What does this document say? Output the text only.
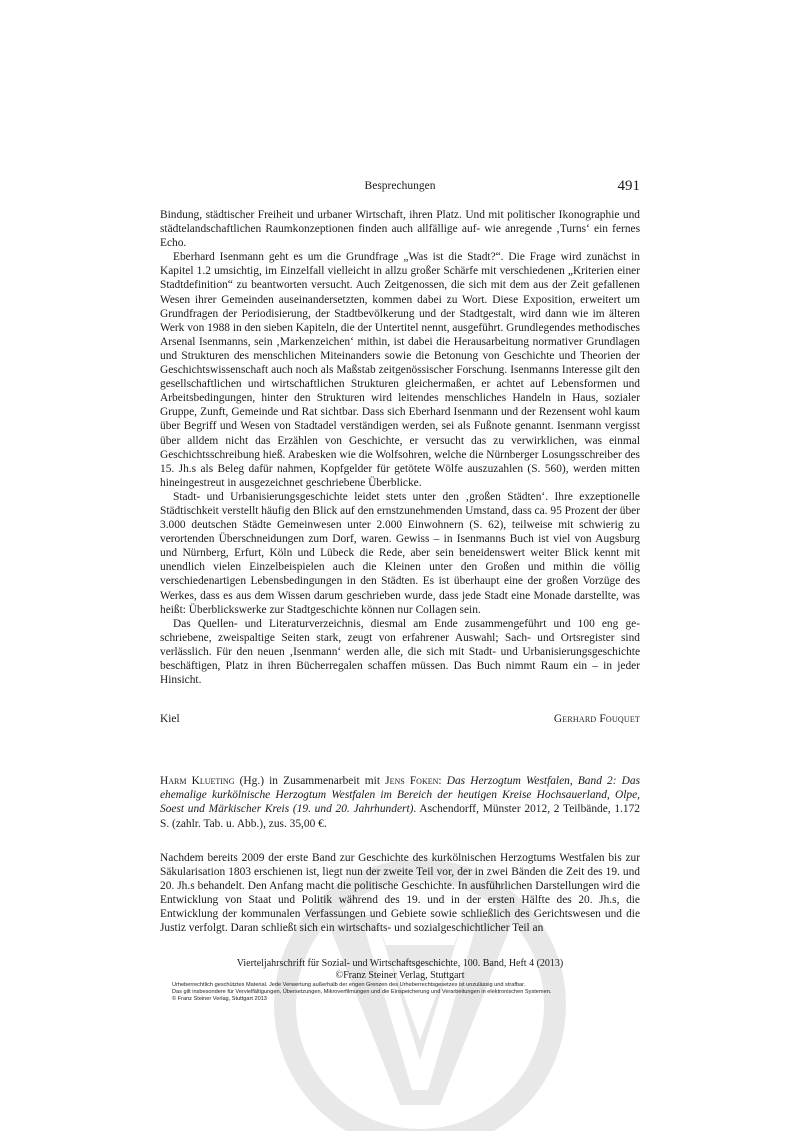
Besprechungen	491

Bindung, städtischer Freiheit und urbaner Wirtschaft, ihren Platz. Und mit politischer Ikonographie und städtelandschaftlichen Raumkonzeptionen finden auch allfällige auf- wie anregende ‚Turns‘ ein fernes Echo.

Eberhard Isenmann geht es um die Grundfrage „Was ist die Stadt?“. Die Frage wird zunächst in Kapitel 1.2 umsichtig, im Einzelfall vielleicht in allzu großer Schärfe mit verschiedenen „Kriterien einer Stadtdefinition“ zu beantworten versucht. Auch Zeitgenossen, die sich mit dem aus der Zeit gefallenen Wesen ihrer Gemeinden auseinandersetzten, kommen dabei zu Wort. Diese Exposition, erweitert um Grundfragen der Periodisierung, der Stadtbevölkerung und der Stadtgestalt, wird dann wie im älteren Werk von 1988 in den sieben Kapiteln, die der Untertitel nennt, ausgeführt. Grundlegendes methodisches Arsenal Isenmanns, sein ‚Markenzeichen‘ mithin, ist dabei die Herausarbeitung normativer Grundlagen und Strukturen des menschlichen Miteinanders sowie die Betonung von Geschichte und Theorien der Geschichtswissenschaft auch noch als Maßstab zeitgenössischer Forschung. Isenmanns Interesse gilt den gesellschaftlichen und wirtschaftlichen Strukturen gleichermaßen, er achtet auf Lebensformen und Arbeitsbedingungen, hinter den Strukturen wird leitendes menschliches Handeln in Haus, sozialer Gruppe, Zunft, Gemeinde und Rat sichtbar. Dass sich Eberhard Isenmann und der Rezensent wohl kaum über Begriff und Wesen von Stadtadel verständigen werden, sei als Fußnote genannt. Isenmann vergisst über alldem nicht das Erzählen von Geschichte, er versucht das zu verwirklichen, was einmal Geschichtsschreibung hieß. Arabesken wie die Wolfsohren, welche die Nürnberger Losungsschreiber des 15. Jh.s als Beleg dafür nahmen, Kopfgelder für getötete Wölfe auszuzahlen (S. 560), werden mitten hineingestreut in ausgezeichnet geschriebene Überblicke.

Stadt- und Urbanisierungsgeschichte leidet stets unter den ‚großen Städten‘. Ihre exzeptionelle Städtischkeit verstellt häufig den Blick auf den ernstzunehmenden Umstand, dass ca. 95 Prozent der über 3.000 deutschen Städte Gemeinwesen unter 2.000 Einwohnern (S. 62), teilweise mit schwierig zu verortenden Überschneidungen zum Dorf, waren. Gewiss – in Isenmanns Buch ist viel von Augsburg und Nürnberg, Erfurt, Köln und Lübeck die Rede, aber sein beneidenswert weiter Blick kennt mit unendlich vielen Einzelbeispielen auch die Kleinen unter den Großen und mithin die völlig verschiedenartigen Lebensbedingungen in den Städten. Es ist überhaupt eine der großen Vorzüge des Werkes, dass es aus dem Wissen darum geschrieben wurde, dass jede Stadt eine Monade darstellte, was heißt: Überblickswerke zur Stadtgeschichte können nur Collagen sein.

Das Quellen- und Literaturverzeichnis, diesmal am Ende zusammengeführt und 100 eng geschriebene, zweispaltige Seiten stark, zeugt von erfahrener Auswahl; Sach- und Ortsregister sind verlässlich. Für den neuen ‚Isenmann‘ werden alle, die sich mit Stadt- und Urbanisierungsgeschichte beschäftigen, Platz in ihren Bücherregalen schaffen müssen. Das Buch nimmt Raum ein – in jeder Hinsicht.

Kiel	Gerhard Fouquet
Harm Klueting (Hg.) in Zusammenarbeit mit Jens Foken: Das Herzogtum Westfalen, Band 2: Das ehemalige kurkölnische Herzogtum Westfalen im Bereich der heutigen Kreise Hochsauerland, Olpe, Soest und Märkischer Kreis (19. und 20. Jahrhundert). Aschendorff, Münster 2012, 2 Teilbände, 1.172 S. (zahlr. Tab. u. Abb.), zus. 35,00 €.

Nachdem bereits 2009 der erste Band zur Geschichte des kurkölnischen Herzogtums Westfalen bis zur Säkularisation 1803 erschienen ist, liegt nun der zweite Teil vor, der in zwei Bänden die Zeit des 19. und 20. Jh.s behandelt. Den Anfang macht die politische Geschichte. In ausführlichen Darstellungen wird die Entwicklung von Staat und Politik während des 19. und in der ersten Hälfte des 20. Jh.s, die Entwicklung der kommunalen Verfassungen und Gebiete sowie schließlich des Gerichtswesen und die Justiz verfolgt. Daran schließt sich ein wirtschafts- und sozialgeschichtlicher Teil an

Vierteljahrschrift für Sozial- und Wirtschaftsgeschichte, 100. Band, Heft 4 (2013)
©Franz Steiner Verlag, Stuttgart
Urheberrechtlich geschütztes Material. Jede Verwertung außerhalb der engen Grenzen des Urheberrechtsgesetzes ist unzulässig und strafbar.
Das gilt insbesondere für Vervielfältigungen, Übersetzungen, Mikroverfilmungen und die Einspeicherung und Verarbeitungen in elektronischen Systemen.
© Franz Steiner Verlag, Stuttgart 2013
